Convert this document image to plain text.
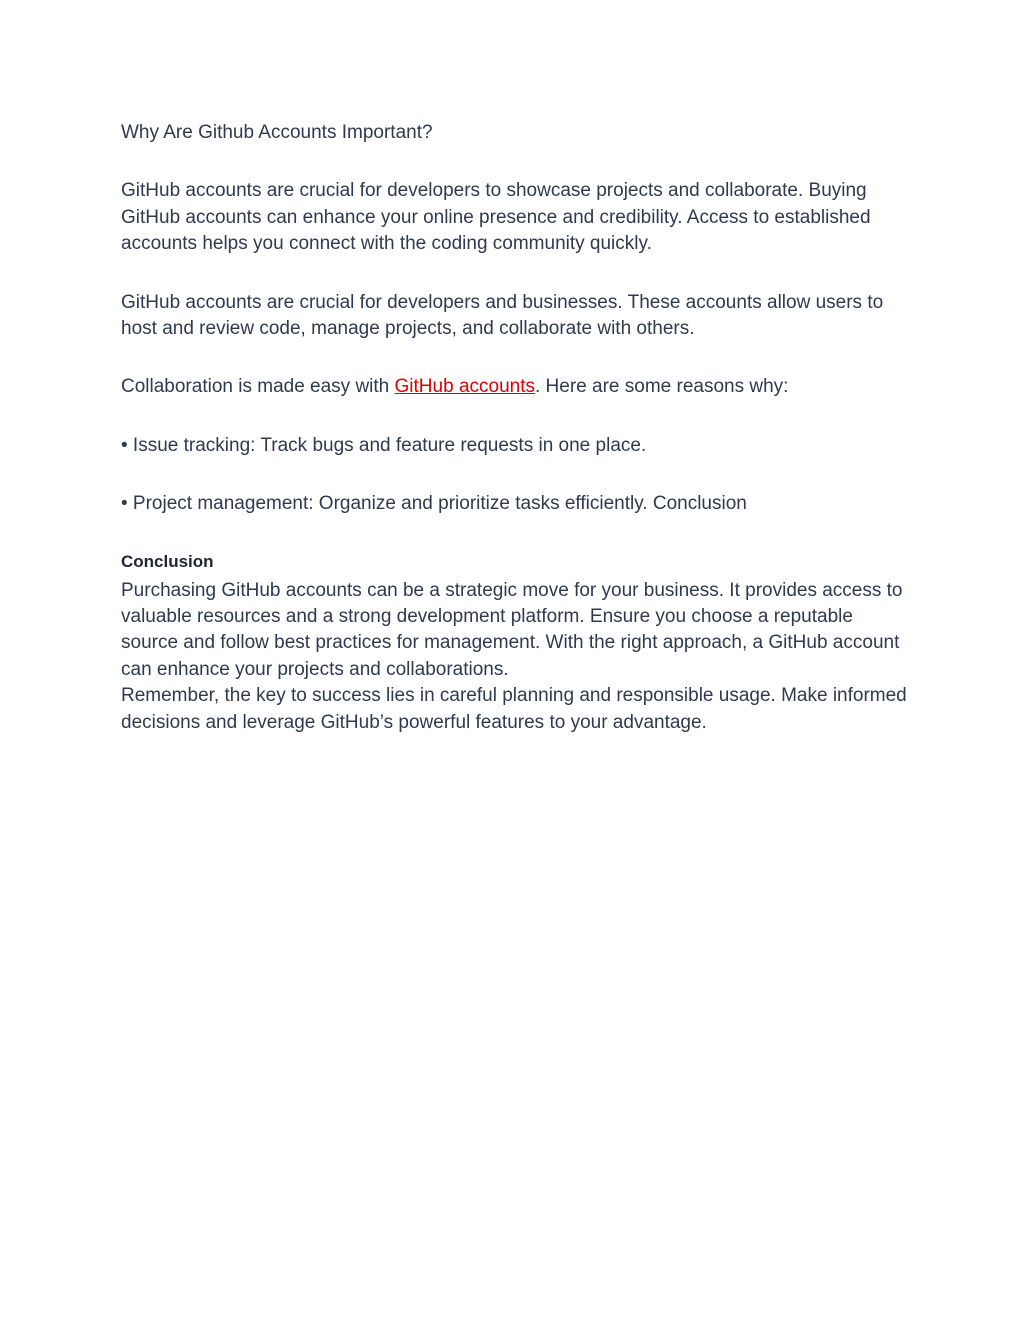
Why Are Github Accounts Important?

GitHub accounts are crucial for developers to showcase projects and collaborate. Buying GitHub accounts can enhance your online presence and credibility. Access to established accounts helps you connect with the coding community quickly.

GitHub accounts are crucial for developers and businesses. These accounts allow users to host and review code, manage projects, and collaborate with others.

Collaboration is made easy with GitHub accounts. Here are some reasons why:

• Issue tracking: Track bugs and feature requests in one place.

• Project management: Organize and prioritize tasks efficiently. Conclusion

Conclusion

Purchasing GitHub accounts can be a strategic move for your business. It provides access to valuable resources and a strong development platform. Ensure you choose a reputable source and follow best practices for management. With the right approach, a GitHub account can enhance your projects and collaborations.

Remember, the key to success lies in careful planning and responsible usage. Make informed decisions and leverage GitHub’s powerful features to your advantage.
